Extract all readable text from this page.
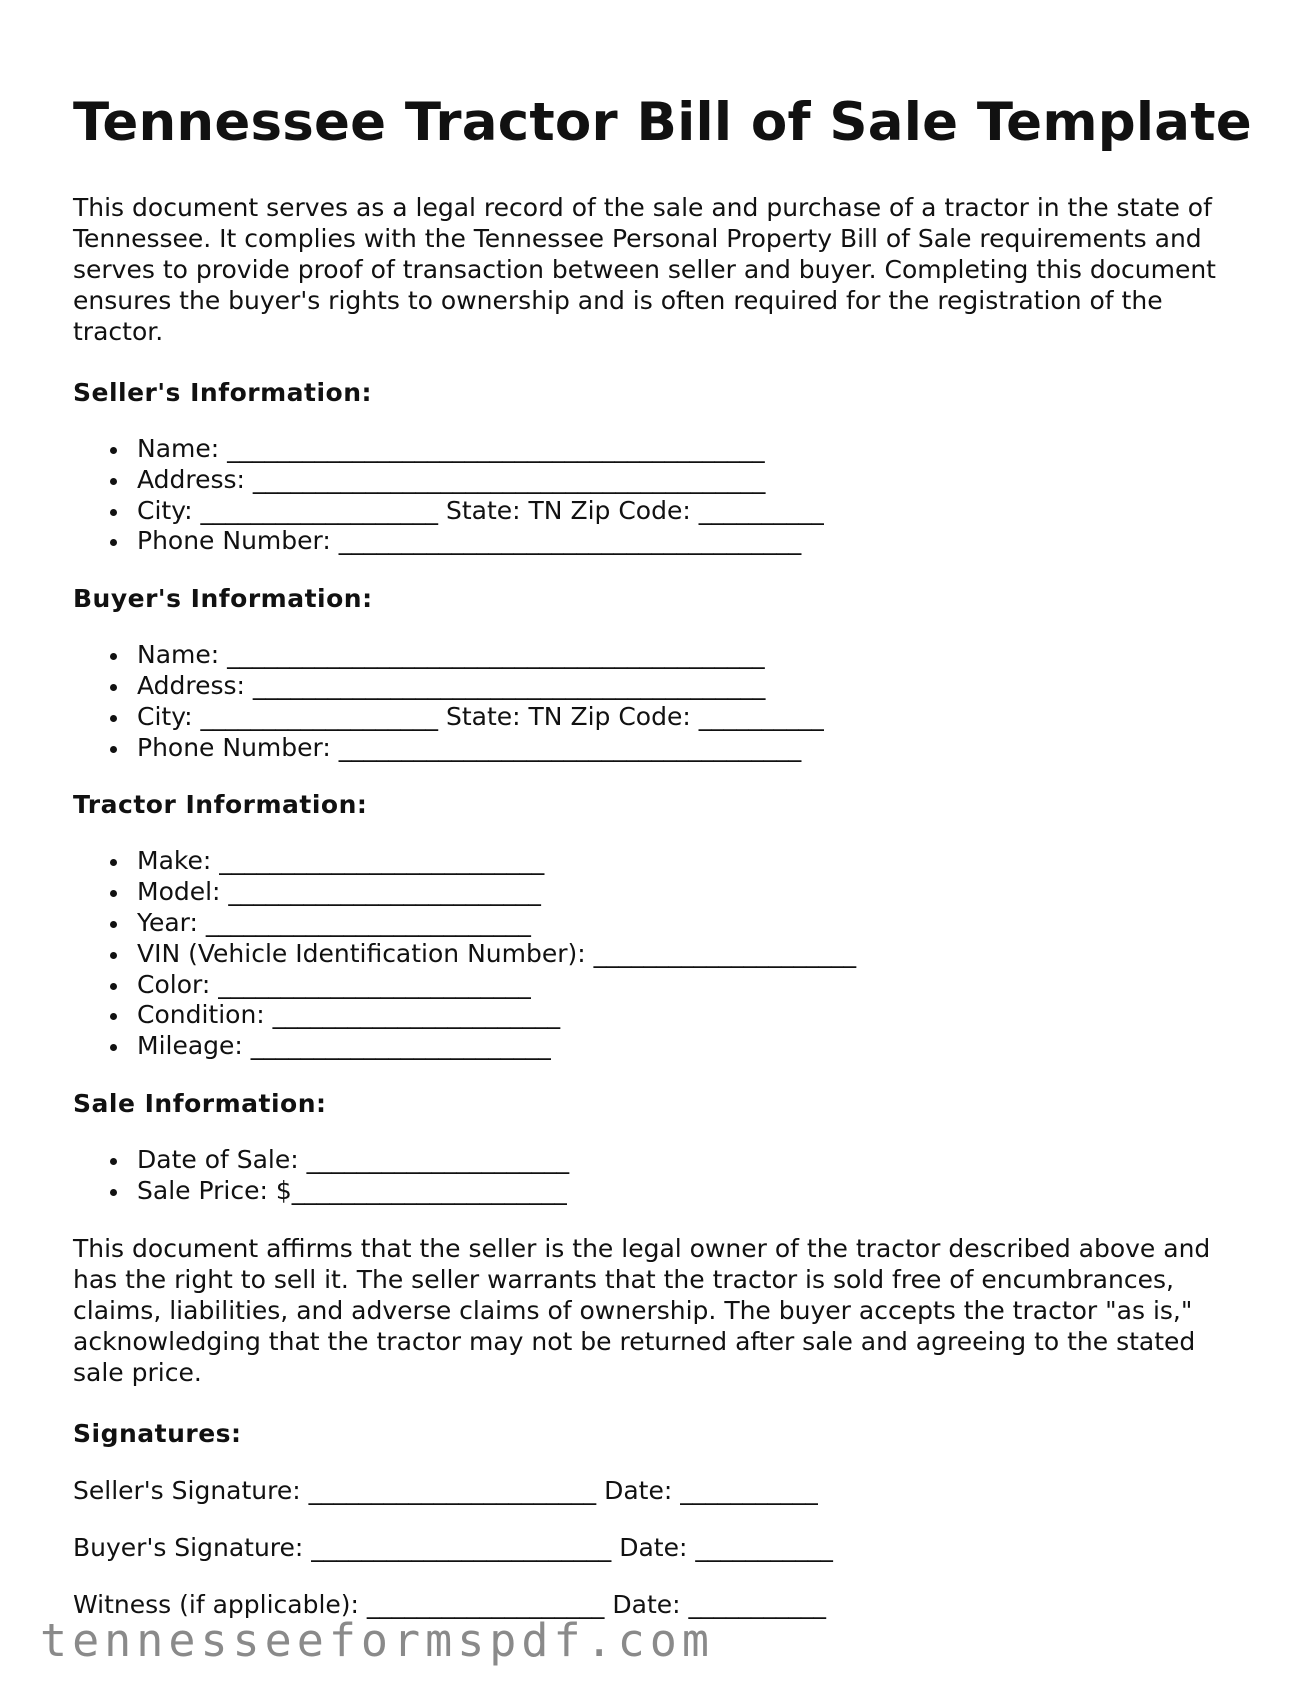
Tennessee Tractor Bill of Sale Template

This document serves as a legal record of the sale and purchase of a tractor in the state of Tennessee. It complies with the Tennessee Personal Property Bill of Sale requirements and serves to provide proof of transaction between seller and buyer. Completing this document ensures the buyer's rights to ownership and is often required for the registration of the tractor.

Seller's Information:
Name: ___________________________________________
Address: _________________________________________
City: ___________________ State: TN Zip Code: __________
Phone Number: _____________________________________
Buyer's Information:
Name: ___________________________________________
Address: _________________________________________
City: ___________________ State: TN Zip Code: __________
Phone Number: _____________________________________
Tractor Information:
Make: __________________________
Model: _________________________
Year: __________________________
VIN (Vehicle Identification Number): _____________________
Color: _________________________
Condition: _______________________
Mileage: ________________________
Sale Information:
Date of Sale: _____________________
Sale Price: $______________________

This document affirms that the seller is the legal owner of the tractor described above and has the right to sell it. The seller warrants that the tractor is sold free of encumbrances, claims, liabilities, and adverse claims of ownership. The buyer accepts the tractor "as is," acknowledging that the tractor may not be returned after sale and agreeing to the stated sale price.

Signatures:
Seller's Signature: _______________________ Date: ___________
Buyer's Signature: ________________________ Date: ___________
Witness (if applicable): ___________________ Date: ___________
tennesseeformspdf.com
